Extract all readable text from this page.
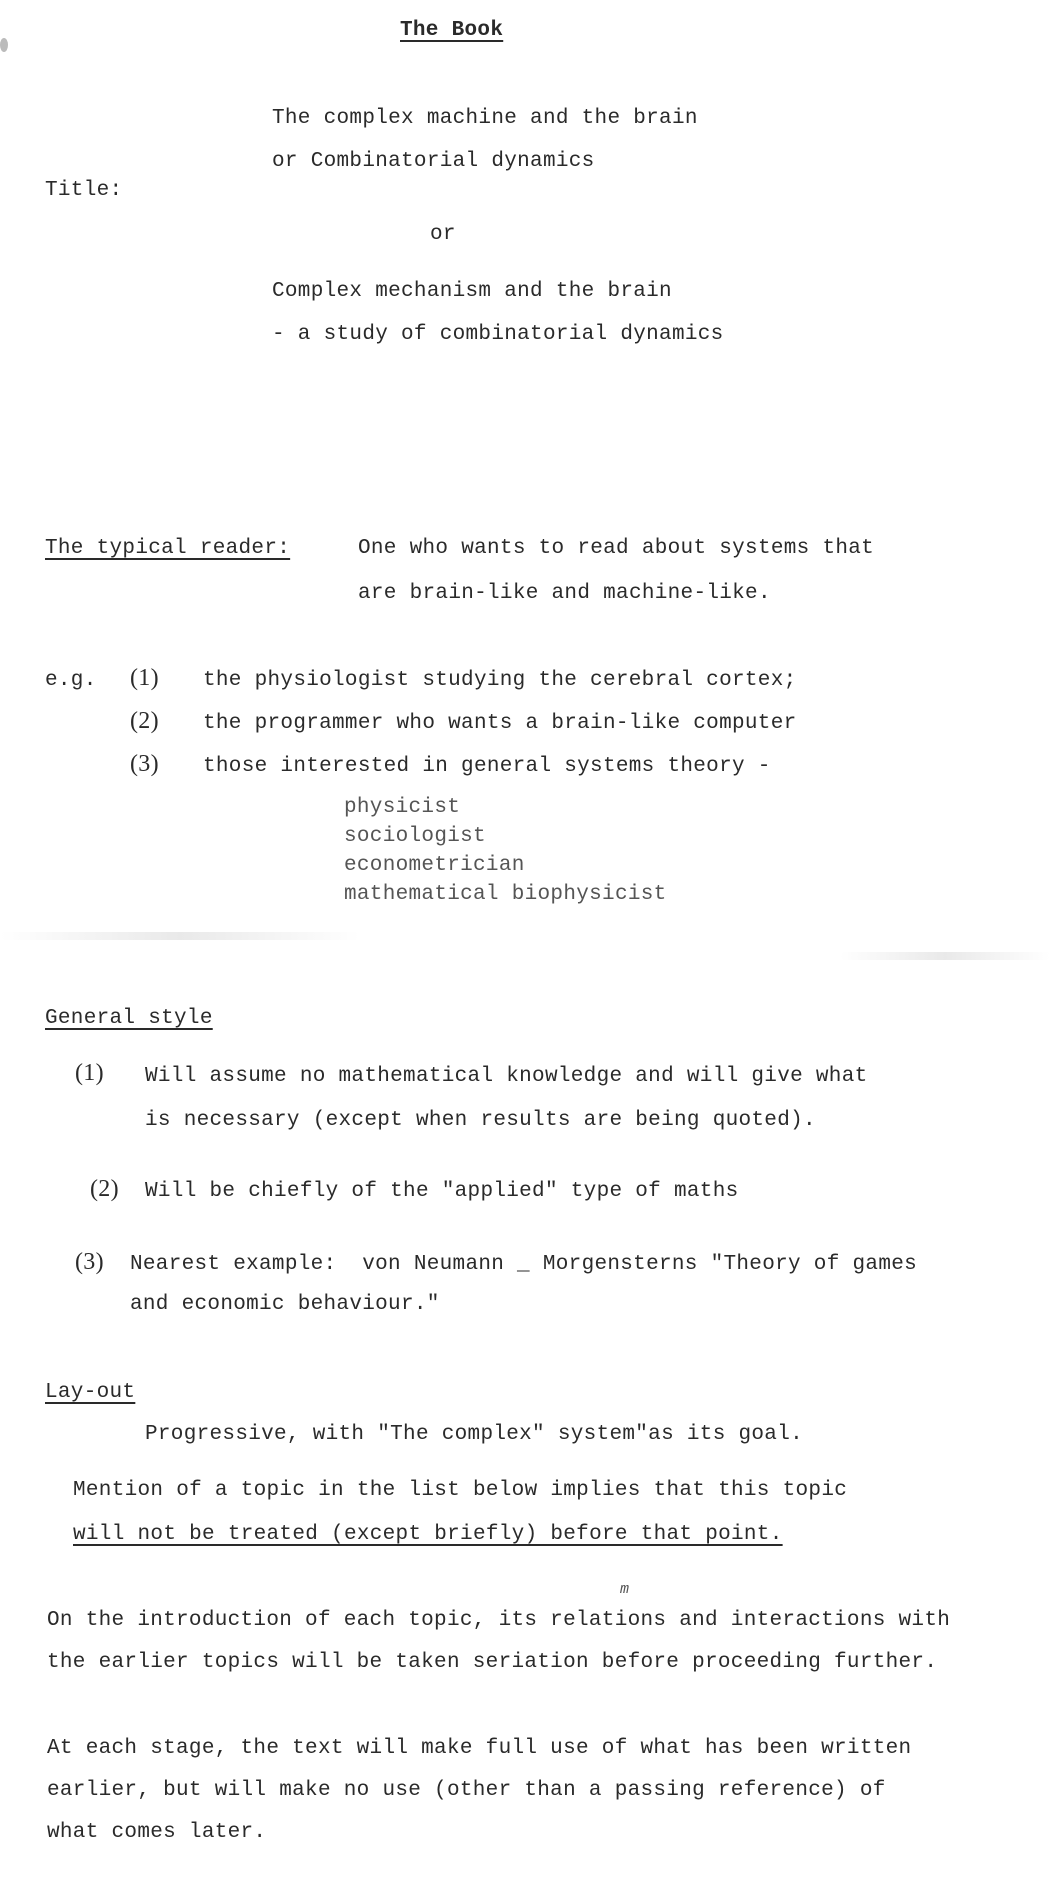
The Book
Title:
The complex machine and the brain
or Combinatorial dynamics
or
Complex mechanism and the brain
- a study of combinatorial dynamics
The typical reader:	One who wants to read about systems that
are brain-like and machine-like.
e.g. (1) the physiologist studying the cerebral cortex;
(2) the programmer who wants a brain-like computer
(3) those interested in general systems theory -
physicist
sociologist
econometrician
mathematical biophysicist
General style
(1) Will assume no mathematical knowledge and will give what
is necessary (except when results are being quoted).
(2) Will be chiefly of the "applied" type of maths
(3) Nearest example:  von Neumann _ Morgensterns "Theory of games
and economic behaviour."
Lay-out
Progressive, with "The complex" system"as its goal.
Mention of a topic in the list below implies that this topic
will not be treated (except briefly) before that point.
m
On the introduction of each topic, its relations and interactions with
the earlier topics will be taken seriation before proceeding further.
At each stage, the text will make full use of what has been written
earlier, but will make no use (other than a passing reference) of
what comes later.
